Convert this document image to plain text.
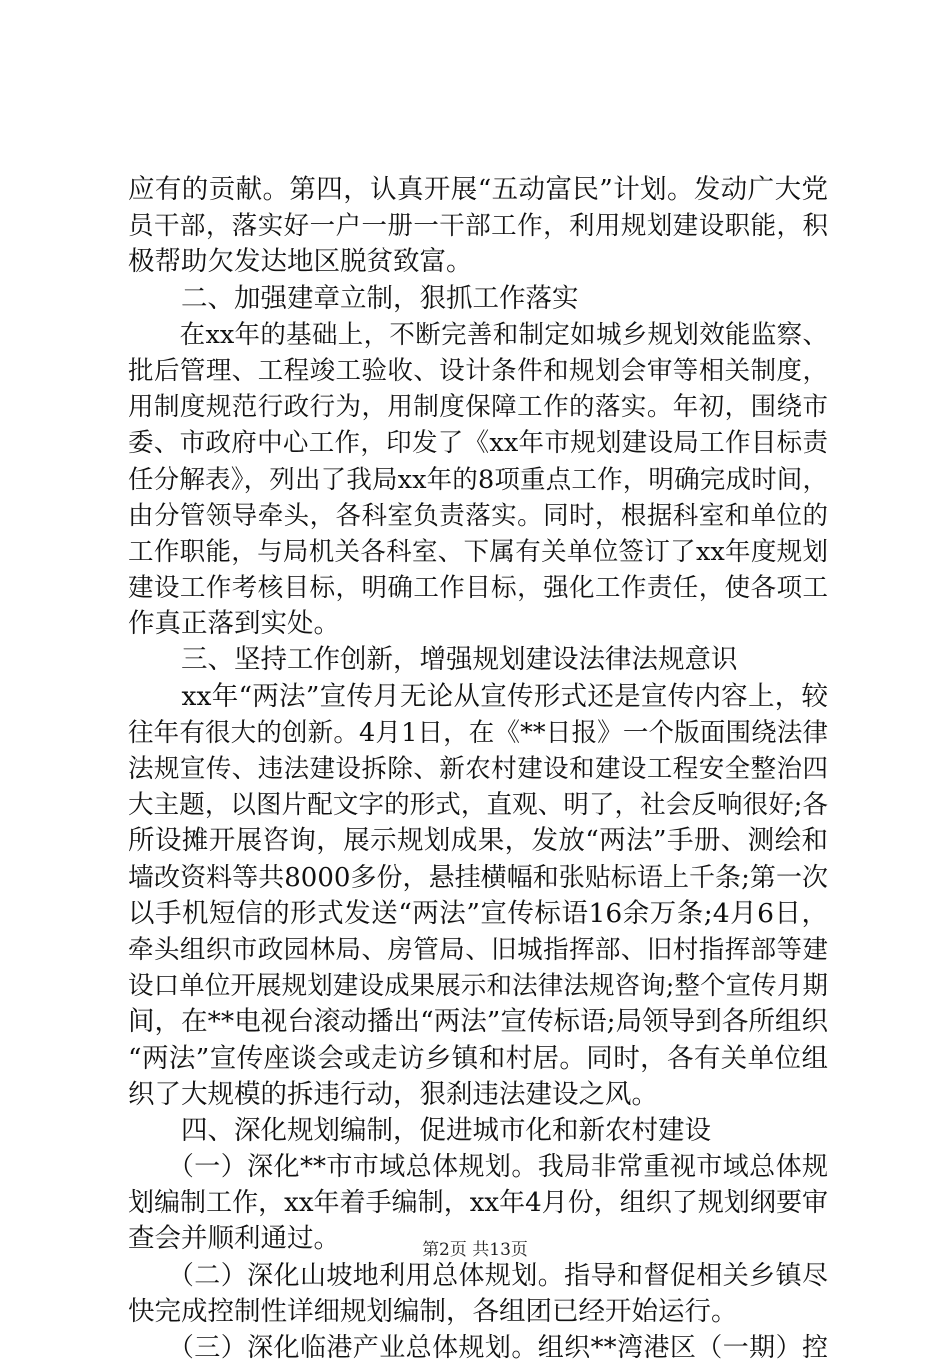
应有的贡献。第四，认真开展“五动富民”计划。发动广大党
员干部，落实好一户一册一干部工作，利用规划建设职能，积
极帮助欠发达地区脱贫致富。
　　二、加强建章立制，狠抓工作落实
　　在xx年的基础上，不断完善和制定如城乡规划效能监察、
批后管理、工程竣工验收、设计条件和规划会审等相关制度，
用制度规范行政行为，用制度保障工作的落实。年初，围绕市
委、市政府中心工作，印发了《xx年市规划建设局工作目标责
任分解表》，列出了我局xx年的8项重点工作，明确完成时间，
由分管领导牵头，各科室负责落实。同时，根据科室和单位的
工作职能，与局机关各科室、下属有关单位签订了xx年度规划
建设工作考核目标，明确工作目标，强化工作责任，使各项工
作真正落到实处。
　　三、坚持工作创新，增强规划建设法律法规意识
　　xx年“两法”宣传月无论从宣传形式还是宣传内容上，较
往年有很大的创新。4月1日，在《**日报》一个版面围绕法律
法规宣传、违法建设拆除、新农村建设和建设工程安全整治四
大主题，以图片配文字的形式，直观、明了，社会反响很好;各
所设摊开展咨询，展示规划成果，发放“两法”手册、测绘和
墙改资料等共8000多份，悬挂横幅和张贴标语上千条;第一次
以手机短信的形式发送“两法”宣传标语16余万条;4月6日，
牵头组织市政园林局、房管局、旧城指挥部、旧村指挥部等建
设口单位开展规划建设成果展示和法律法规咨询;整个宣传月期
间，在**电视台滚动播出“两法”宣传标语;局领导到各所组织
“两法”宣传座谈会或走访乡镇和村居。同时，各有关单位组
织了大规模的拆违行动，狠刹违法建设之风。
　　四、深化规划编制，促进城市化和新农村建设
　　（一）深化**市市域总体规划。我局非常重视市域总体规
划编制工作，xx年着手编制，xx年4月份，组织了规划纲要审
查会并顺利通过。
　　（二）深化山坡地利用总体规划。指导和督促相关乡镇尽
快完成控制性详细规划编制，各组团已经开始运行。
　　（三）深化临港产业总体规划。组织**湾港区（一期）控
第2页 共13页
